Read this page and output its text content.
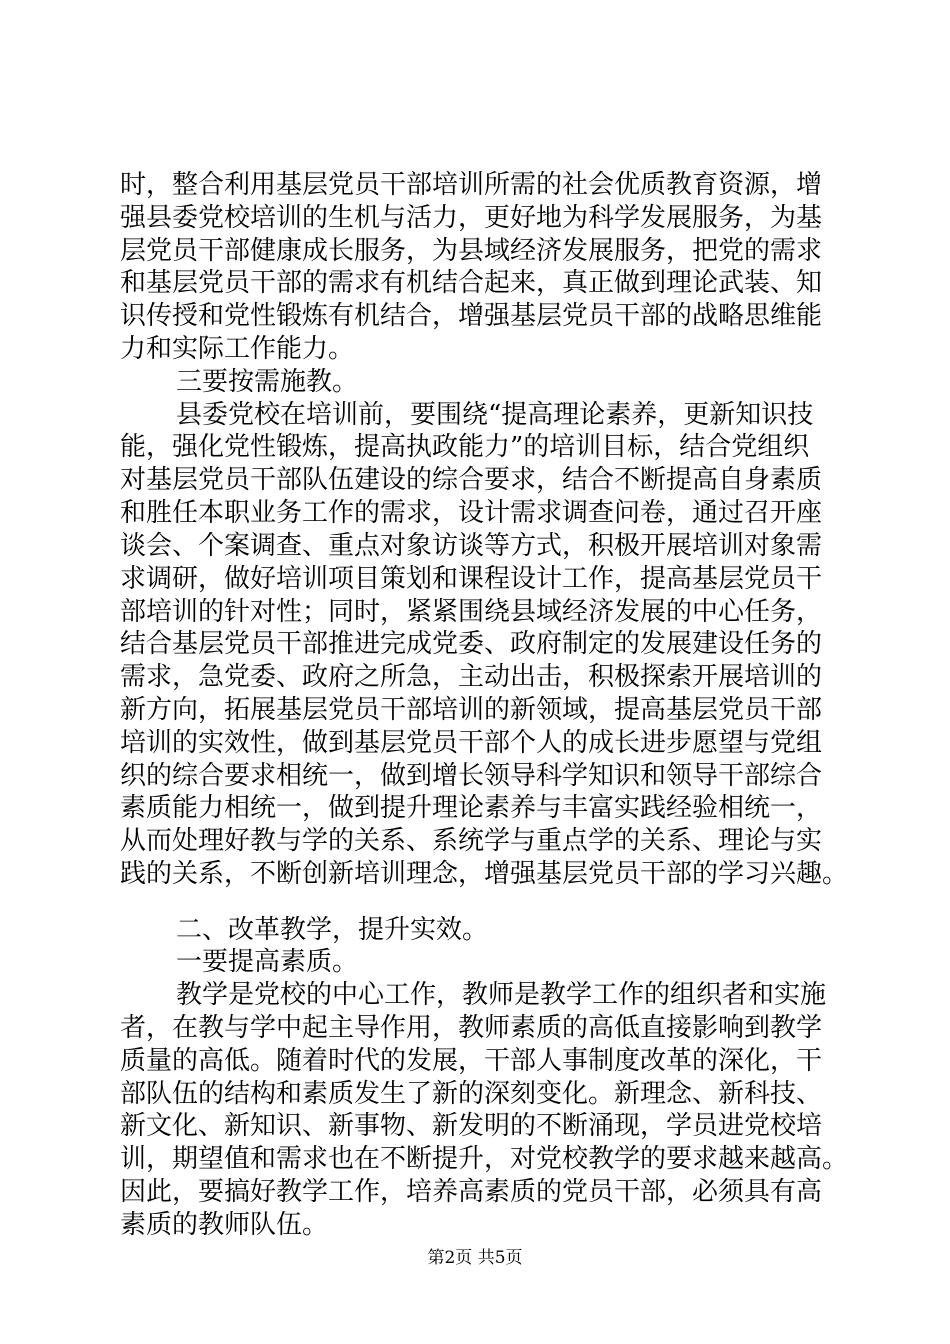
时，整合利用基层党员干部培训所需的社会优质教育资源，增
强县委党校培训的生机与活力，更好地为科学发展服务，为基
层党员干部健康成长服务，为县域经济发展服务，把党的需求
和基层党员干部的需求有机结合起来，真正做到理论武装、知
识传授和党性锻炼有机结合，增强基层党员干部的战略思维能
力和实际工作能力。
三要按需施教。
县委党校在培训前，要围绕“提高理论素养，更新知识技
能，强化党性锻炼，提高执政能力”的培训目标，结合党组织
对基层党员干部队伍建设的综合要求，结合不断提高自身素质
和胜任本职业务工作的需求，设计需求调查问卷，通过召开座
谈会、个案调查、重点对象访谈等方式，积极开展培训对象需
求调研，做好培训项目策划和课程设计工作，提高基层党员干
部培训的针对性；同时，紧紧围绕县域经济发展的中心任务，
结合基层党员干部推进完成党委、政府制定的发展建设任务的
需求，急党委、政府之所急，主动出击，积极探索开展培训的
新方向，拓展基层党员干部培训的新领域，提高基层党员干部
培训的实效性，做到基层党员干部个人的成长进步愿望与党组
织的综合要求相统一，做到增长领导科学知识和领导干部综合
素质能力相统一，做到提升理论素养与丰富实践经验相统一，
从而处理好教与学的关系、系统学与重点学的关系、理论与实
践的关系，不断创新培训理念，增强基层党员干部的学习兴趣。
二、改革教学，提升实效。
一要提高素质。
教学是党校的中心工作，教师是教学工作的组织者和实施
者，在教与学中起主导作用，教师素质的高低直接影响到教学
质量的高低。随着时代的发展，干部人事制度改革的深化，干
部队伍的结构和素质发生了新的深刻变化。新理念、新科技、
新文化、新知识、新事物、新发明的不断涌现，学员进党校培
训，期望值和需求也在不断提升，对党校教学的要求越来越高。
因此，要搞好教学工作，培养高素质的党员干部，必须具有高
素质的教师队伍。
第2页 共5页
